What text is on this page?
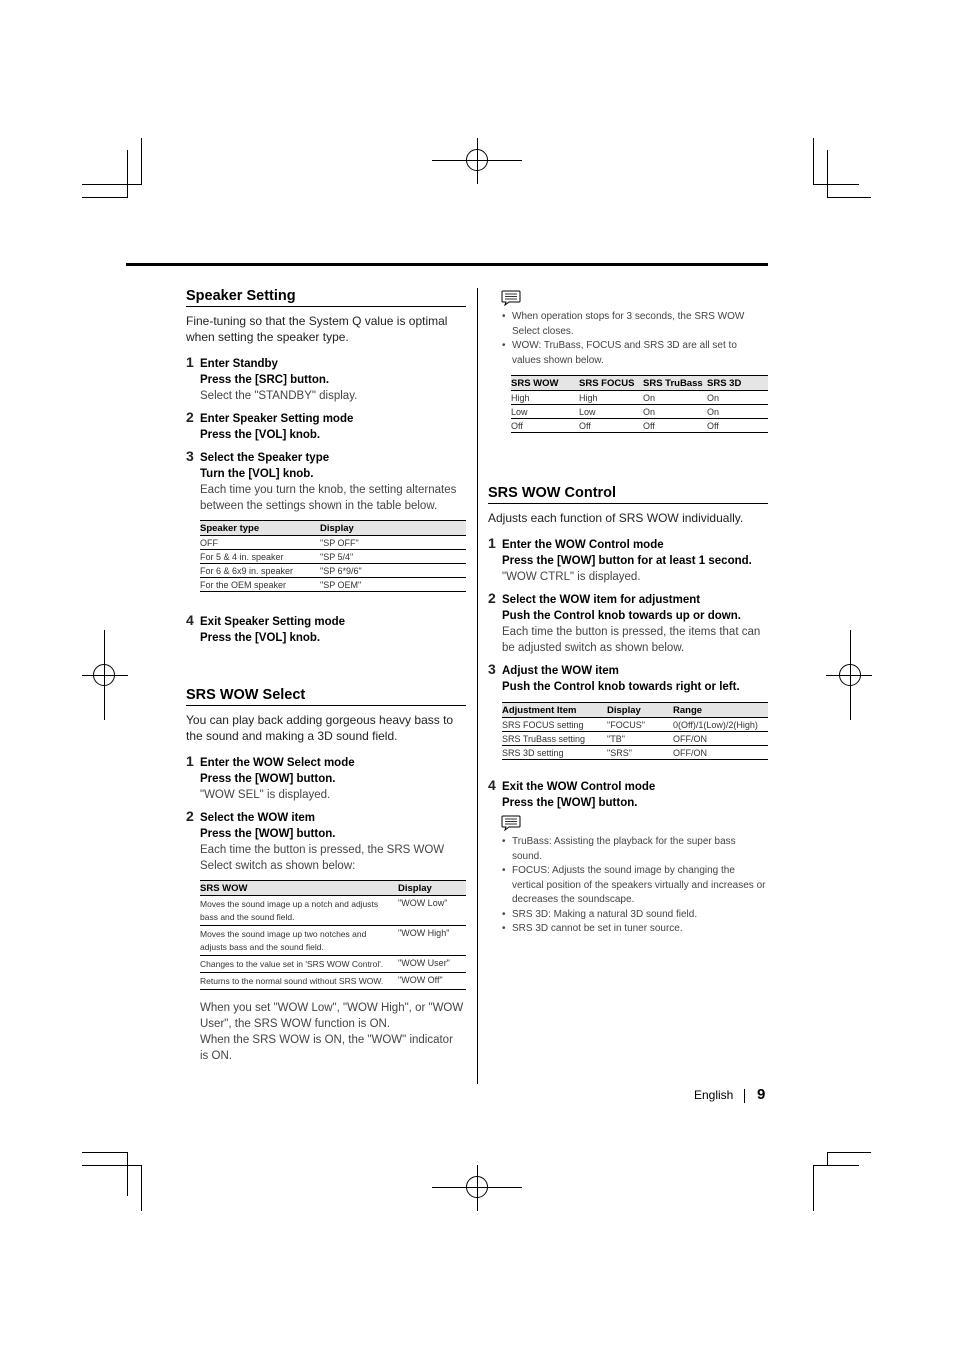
Speaker Setting

Fine-tuning so that the System Q value is optimal when setting the speaker type.

1 Enter Standby
Press the [SRC] button.
Select the "STANDBY" display.
2 Enter Speaker Setting mode
Press the [VOL] knob.
3 Select the Speaker type
Turn the [VOL] knob.
Each time you turn the knob, the setting alternates between the settings shown in the table below.
Speaker type	Display
OFF	"SP OFF"
For 5 & 4 in. speaker	"SP 5/4"
For 6 & 6x9 in. speaker	"SP 6*9/6"
For the OEM speaker	"SP OEM"
4 Exit Speaker Setting mode
Press the [VOL] knob.
SRS WOW Select

You can play back adding gorgeous heavy bass to the sound and making a 3D sound field.

1 Enter the WOW Select mode
Press the [WOW] button.
"WOW SEL" is displayed.
2 Select the WOW item
Press the [WOW] button.
Each time the button is pressed, the SRS WOW Select switch as shown below:
SRS WOW	Display
Moves the sound image up a notch and adjusts bass and the sound field.	"WOW Low"
Moves the sound image up two notches and adjusts bass and the sound field.	"WOW High"
Changes to the value set in 'SRS WOW Control'.	"WOW User"
Returns to the normal sound without SRS WOW.	"WOW Off"
When you set "WOW Low", "WOW High", or "WOW User", the SRS WOW function is ON.
When the SRS WOW is ON, the "WOW" indicator is ON.
• When operation stops for 3 seconds, the SRS WOW Select closes.
• WOW: TruBass, FOCUS and SRS 3D are all set to values shown below.
SRS WOW	SRS FOCUS	SRS TruBass	SRS 3D
High	High	On	On
Low	Low	On	On
Off	Off	Off	Off
SRS WOW Control

Adjusts each function of SRS WOW individually.

1 Enter the WOW Control mode
Press the [WOW] button for at least 1 second.
"WOW CTRL" is displayed.
2 Select the WOW item for adjustment
Push the Control knob towards up or down.
Each time the button is pressed, the items that can be adjusted switch as shown below.
3 Adjust the WOW item
Push the Control knob towards right or left.
Adjustment Item	Display	Range
SRS FOCUS setting	"FOCUS"	0(Off)/1(Low)/2(High)
SRS TruBass setting	"TB"	OFF/ON
SRS 3D setting	"SRS"	OFF/ON
4 Exit the WOW Control mode
Press the [WOW] button.
• TruBass: Assisting the playback for the super bass sound.
• FOCUS: Adjusts the sound image by changing the vertical position of the speakers virtually and increases or decreases the soundscape.
• SRS 3D: Making a natural 3D sound field.
• SRS 3D cannot be set in tuner source.
English 9
